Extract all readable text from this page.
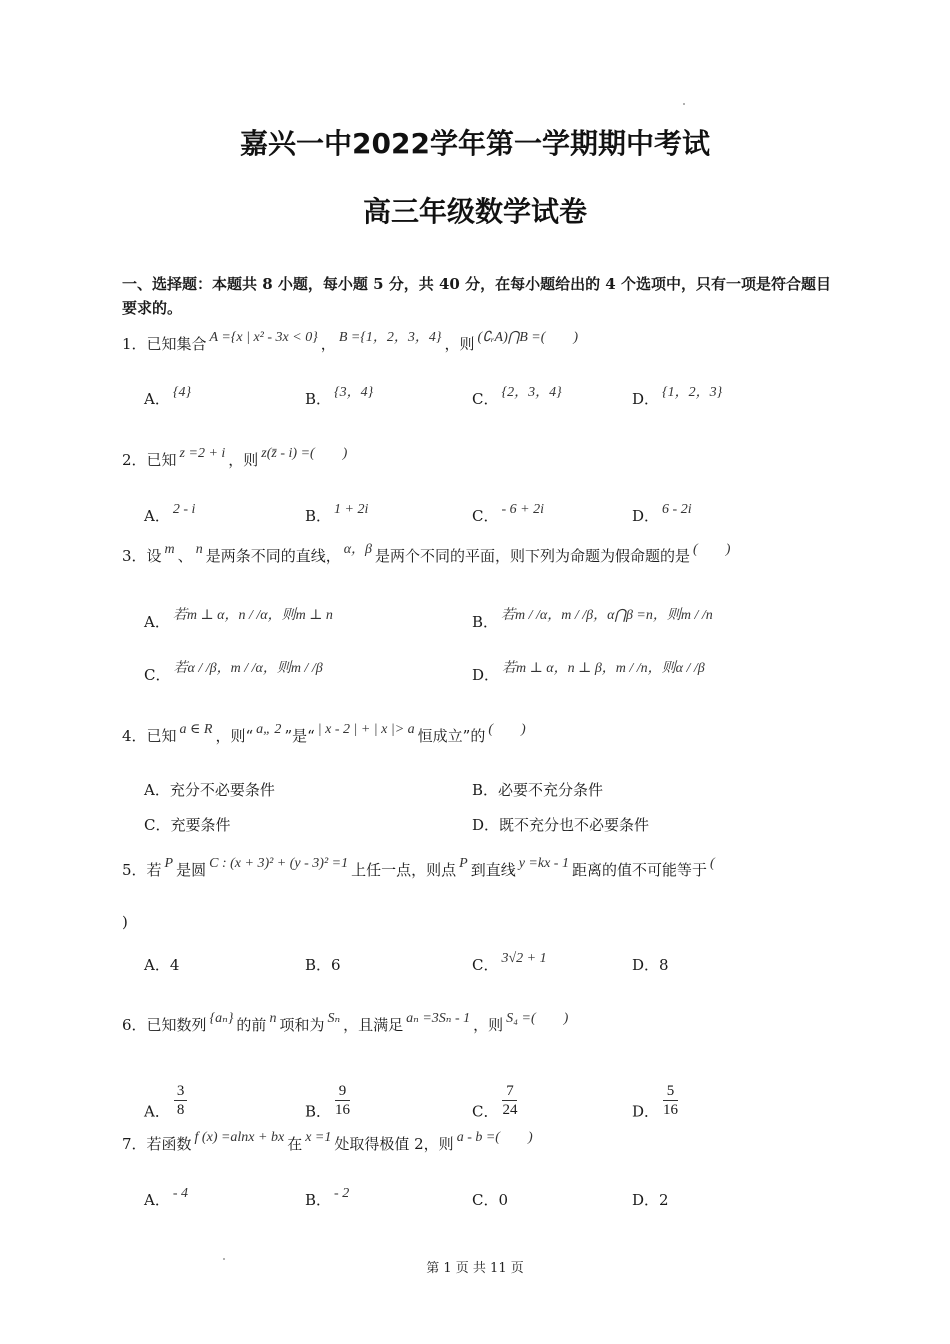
嘉兴一中2022学年第一学期期中考试
高三年级数学试卷
一、选择题：本题共 8 小题，每小题 5 分，共 40 分，在每小题给出的 4 个选项中，只有一项是符合题目要求的。
1．已知集合 A ={x | x² - 3x < 0} ， B ={1，2，3，4} ，则 (∁ᵣA)⋂B =(　　)
A． {4}	B． {3，4}	C． {2，3，4}	D． {1，2，3}
2．已知 z =2 + i ，则 z(z̄ - i) =(　　)
A． 2 - i	B． 1 + 2i	C． - 6 + 2i	D． 6 - 2i
3．设 m 、 n 是两条不同的直线， α，β 是两个不同的平面，则下列为命题为假命题的是 (　　)
A． 若m ⊥ α，n / /α，则m ⊥ n	B． 若m / /α，m / /β，α⋂β =n，则m / /n
C． 若α / /β，m / /α，则m / /β	D． 若m ⊥ α，n ⊥ β，m / /n，则α / /β
4．已知 a ∈ R ，则“ a„ 2 ”是“ | x - 2 | + | x |> a 恒成立”的 (　　)
A．充分不必要条件	B．必要不充分条件
C．充要条件	D．既不充分也不必要条件
5．若 P 是圆 C : (x + 3)² + (y - 3)² =1 上任一点，则点 P 到直线 y =kx - 1 距离的值不可能等于 (
)
A．4	B．6	C． 3√2 + 1	D．8
6．已知数列 {aₙ} 的前 n 项和为 Sₙ ，且满足 aₙ =3Sₙ - 1 ，则 S₄ =(　　)
A． $\frac{3}{8}$	B． $\frac{9}{16}$	C． $\frac{7}{24}$	D． $\frac{5}{16}$
7．若函数 f (x) =alnx + bx 在 x =1 处取得极值 2，则 a - b =(　　)
A． - 4	B． - 2	C．0	D．2
第 1 页 共 11 页
